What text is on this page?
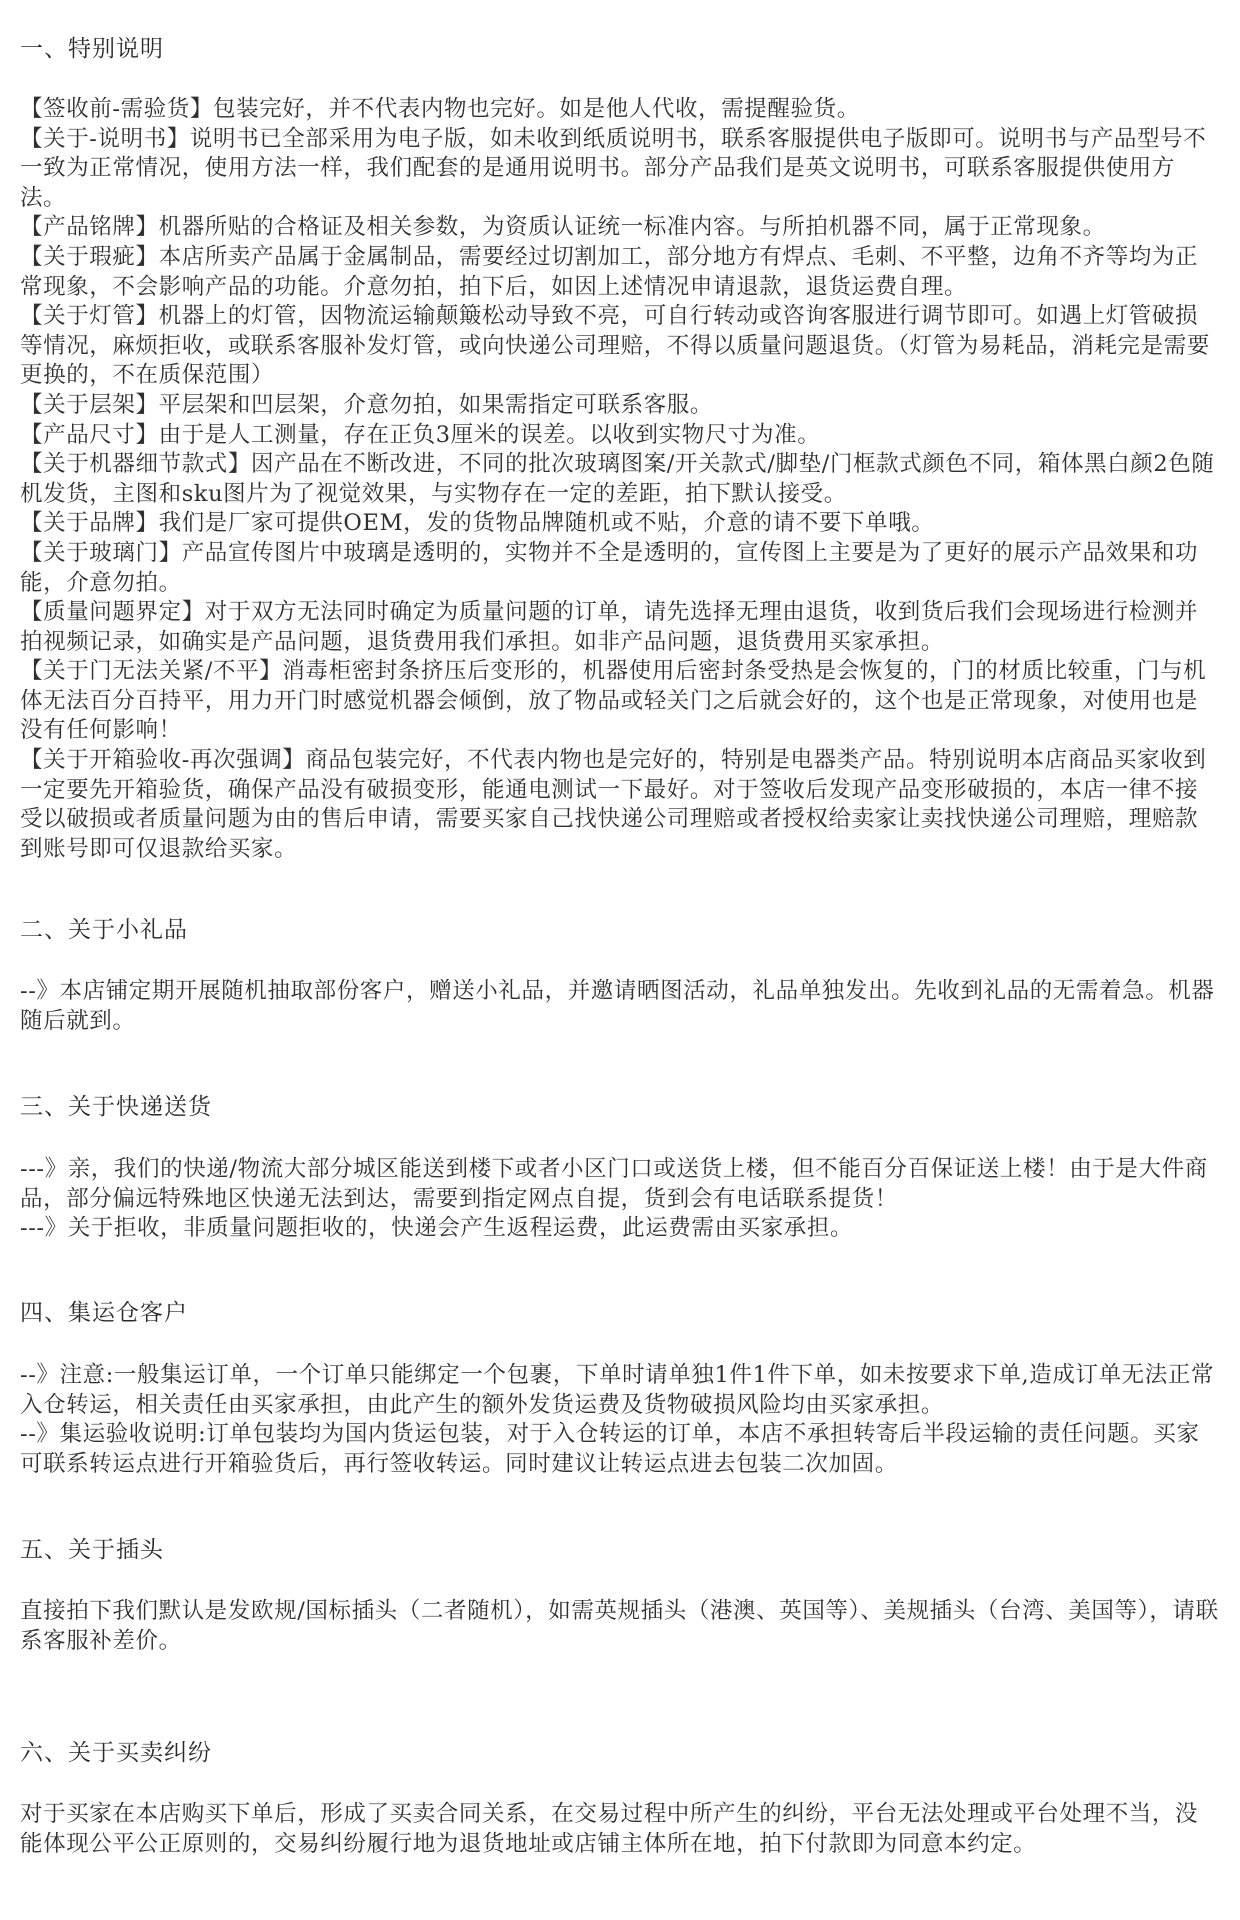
一、特别说明

【签收前-需验货】包装完好，并不代表内物也完好。如是他人代收，需提醒验货。

【关于-说明书】说明书已全部采用为电子版，如未收到纸质说明书，联系客服提供电子版即可。说明书与产品型号不一致为正常情况，使用方法一样，我们配套的是通用说明书。部分产品我们是英文说明书，可联系客服提供使用方法。

【产品铭牌】机器所贴的合格证及相关参数，为资质认证统一标准内容。与所拍机器不同，属于正常现象。

【关于瑕疵】本店所卖产品属于金属制品，需要经过切割加工，部分地方有焊点、毛刺、不平整，边角不齐等均为正常现象，不会影响产品的功能。介意勿拍，拍下后，如因上述情况申请退款，退货运费自理。

【关于灯管】机器上的灯管，因物流运输颠簸松动导致不亮，可自行转动或咨询客服进行调节即可。如遇上灯管破损等情况，麻烦拒收，或联系客服补发灯管，或向快递公司理赔，不得以质量问题退货。（灯管为易耗品，消耗完是需要更换的，不在质保范围）

【关于层架】平层架和凹层架，介意勿拍，如果需指定可联系客服。

【产品尺寸】由于是人工测量，存在正负3厘米的误差。以收到实物尺寸为准。

【关于机器细节款式】因产品在不断改进，不同的批次玻璃图案/开关款式/脚垫/门框款式颜色不同，箱体黑白颜2色随机发货，主图和sku图片为了视觉效果，与实物存在一定的差距，拍下默认接受。

【关于品牌】我们是厂家可提供OEM，发的货物品牌随机或不贴，介意的请不要下单哦。

【关于玻璃门】产品宣传图片中玻璃是透明的，实物并不全是透明的，宣传图上主要是为了更好的展示产品效果和功能，介意勿拍。

【质量问题界定】对于双方无法同时确定为质量问题的订单，请先选择无理由退货，收到货后我们会现场进行检测并拍视频记录，如确实是产品问题，退货费用我们承担。如非产品问题，退货费用买家承担。

【关于门无法关紧/不平】消毒柜密封条挤压后变形的，机器使用后密封条受热是会恢复的，门的材质比较重，门与机体无法百分百持平，用力开门时感觉机器会倾倒，放了物品或轻关门之后就会好的，这个也是正常现象，对使用也是没有任何影响！

【关于开箱验收-再次强调】商品包装完好，不代表内物也是完好的，特别是电器类产品。特别说明本店商品买家收到一定要先开箱验货，确保产品没有破损变形，能通电测试一下最好。对于签收后发现产品变形破损的，本店一律不接受以破损或者质量问题为由的售后申请，需要买家自己找快递公司理赔或者授权给卖家让卖找快递公司理赔，理赔款到账号即可仅退款给买家。

二、关于小礼品

--》本店铺定期开展随机抽取部份客户，赠送小礼品，并邀请晒图活动，礼品单独发出。先收到礼品的无需着急。机器随后就到。

三、关于快递送货

---》亲，我们的快递/物流大部分城区能送到楼下或者小区门口或送货上楼，但不能百分百保证送上楼！由于是大件商品，部分偏远特殊地区快递无法到达，需要到指定网点自提，货到会有电话联系提货！

---》关于拒收，非质量问题拒收的，快递会产生返程运费，此运费需由买家承担。

四、集运仓客户

--》注意:一般集运订单，一个订单只能绑定一个包裹，下单时请单独1件1件下单，如未按要求下单,造成订单无法正常入仓转运，相关责任由买家承担，由此产生的额外发货运费及货物破损风险均由买家承担。

--》集运验收说明:订单包装均为国内货运包装，对于入仓转运的订单，本店不承担转寄后半段运输的责任问题。买家可联系转运点进行开箱验货后，再行签收转运。同时建议让转运点进去包装二次加固。

五、关于插头

直接拍下我们默认是发欧规/国标插头（二者随机），如需英规插头（港澳、英国等）、美规插头（台湾、美国等），请联系客服补差价。

六、关于买卖纠纷

对于买家在本店购买下单后，形成了买卖合同关系，在交易过程中所产生的纠纷，平台无法处理或平台处理不当，没能体现公平公正原则的，交易纠纷履行地为退货地址或店铺主体所在地，拍下付款即为同意本约定。
